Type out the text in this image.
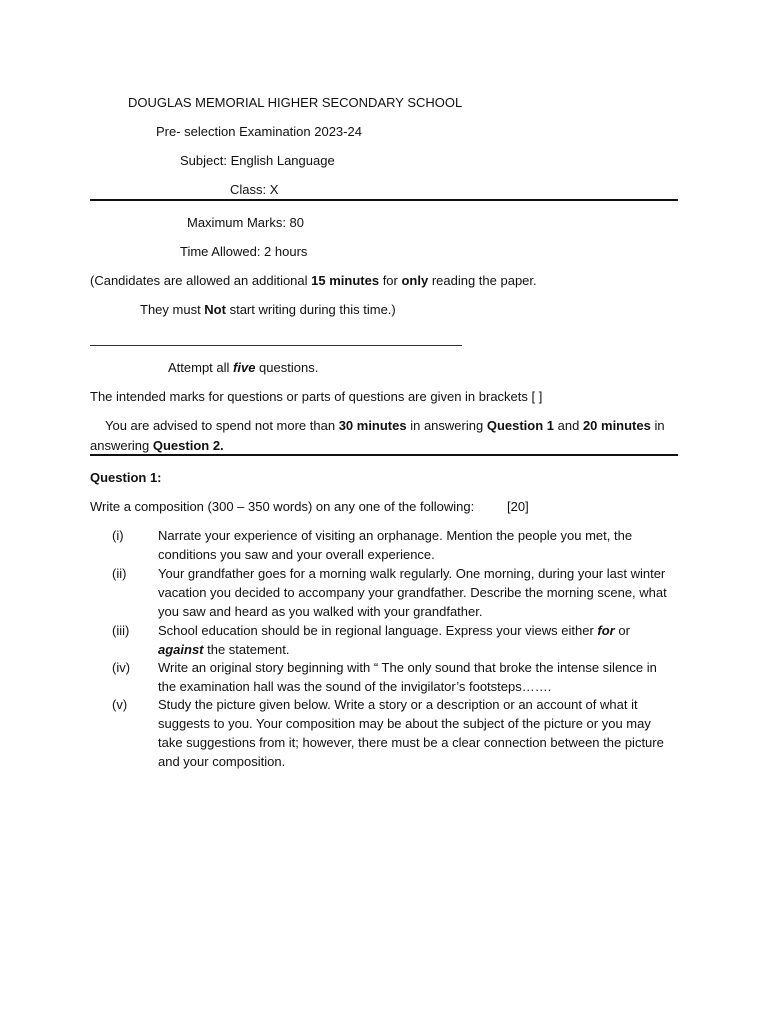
DOUGLAS MEMORIAL HIGHER SECONDARY SCHOOL
Pre- selection Examination 2023-24
Subject: English Language
Class: X
Maximum Marks: 80
Time Allowed: 2 hours
(Candidates are allowed an additional 15 minutes for only reading the paper.
They must Not start writing during this time.)
Attempt all five questions.
The intended marks for questions or parts of questions are given in brackets [ ]
You are advised to spend not more than 30 minutes in answering Question 1 and 20 minutes in
answering Question 2.
Question 1:
Write a composition (300 – 350 words) on any one of the following:	[20]
(i)	Narrate your experience of visiting an orphanage. Mention the people you met, the conditions you saw and your overall experience.
(ii) Your grandfather goes for a morning walk regularly. One morning, during your last winter vacation you decided to accompany your grandfather. Describe the morning scene, what you saw and heard as you walked with your grandfather.
(iii) School education should be in regional language. Express your views either for or against the statement.
(iv) Write an original story beginning with “ The only sound that broke the intense silence in the examination hall was the sound of the invigilator’s footsteps…….
(v) Study the picture given below. Write a story or a description or an account of what it suggests to you. Your composition may be about the subject of the picture or you may take suggestions from it; however, there must be a clear connection between the picture and your composition.
